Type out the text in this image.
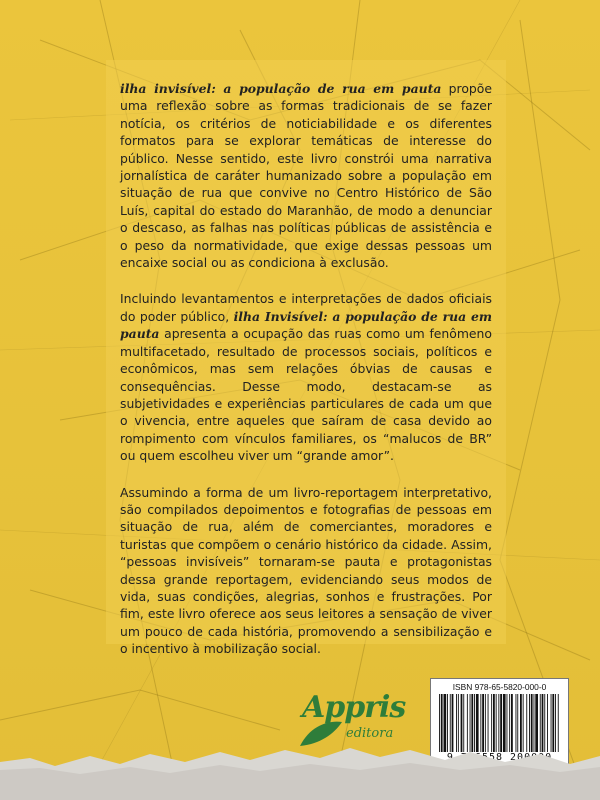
ilha invisível: a população de rua em pauta propõe uma reflexão sobre as formas tradicionais de se fazer notícia, os critérios de noticiabilidade e os diferentes formatos para se explorar temáticas de interesse do público. Nesse sentido, este livro constrói uma narrativa jornalística de caráter humanizado sobre a população em situação de rua que convive no Centro Histórico de São Luís, capital do estado do Maranhão, de modo a denunciar o descaso, as falhas nas políticas públicas de assistência e o peso da normatividade, que exige dessas pessoas um encaixe social ou as condiciona à exclusão.

Incluindo levantamentos e interpretações de dados oficiais do poder público, ilha Invisível: a população de rua em pauta apresenta a ocupação das ruas como um fenômeno multifacetado, resultado de processos sociais, políticos e econômicos, mas sem relações óbvias de causas e consequências. Desse modo, destacam-se as subjetividades e experiências particulares de cada um que o vivencia, entre aqueles que saíram de casa devido ao rompimento com vínculos familiares, os “malucos de BR” ou quem escolheu viver um “grande amor”.

Assumindo a forma de um livro-reportagem interpretativo, são compilados depoimentos e fotografias de pessoas em situação de rua, além de comerciantes, moradores e turistas que compõem o cenário histórico da cidade. Assim, “pessoas invisíveis” tornaram-se pauta e protagonistas dessa grande reportagem, evidenciando seus modos de vida, suas condições, alegrias, sonhos e frustrações. Por fim, este livro oferece aos seus leitores a sensação de viver um pouco de cada história, promovendo a sensibilização e o incentivo à mobilização social.

Appris
editora
ISBN 978-65-5820-000-0
9 786558 200000
